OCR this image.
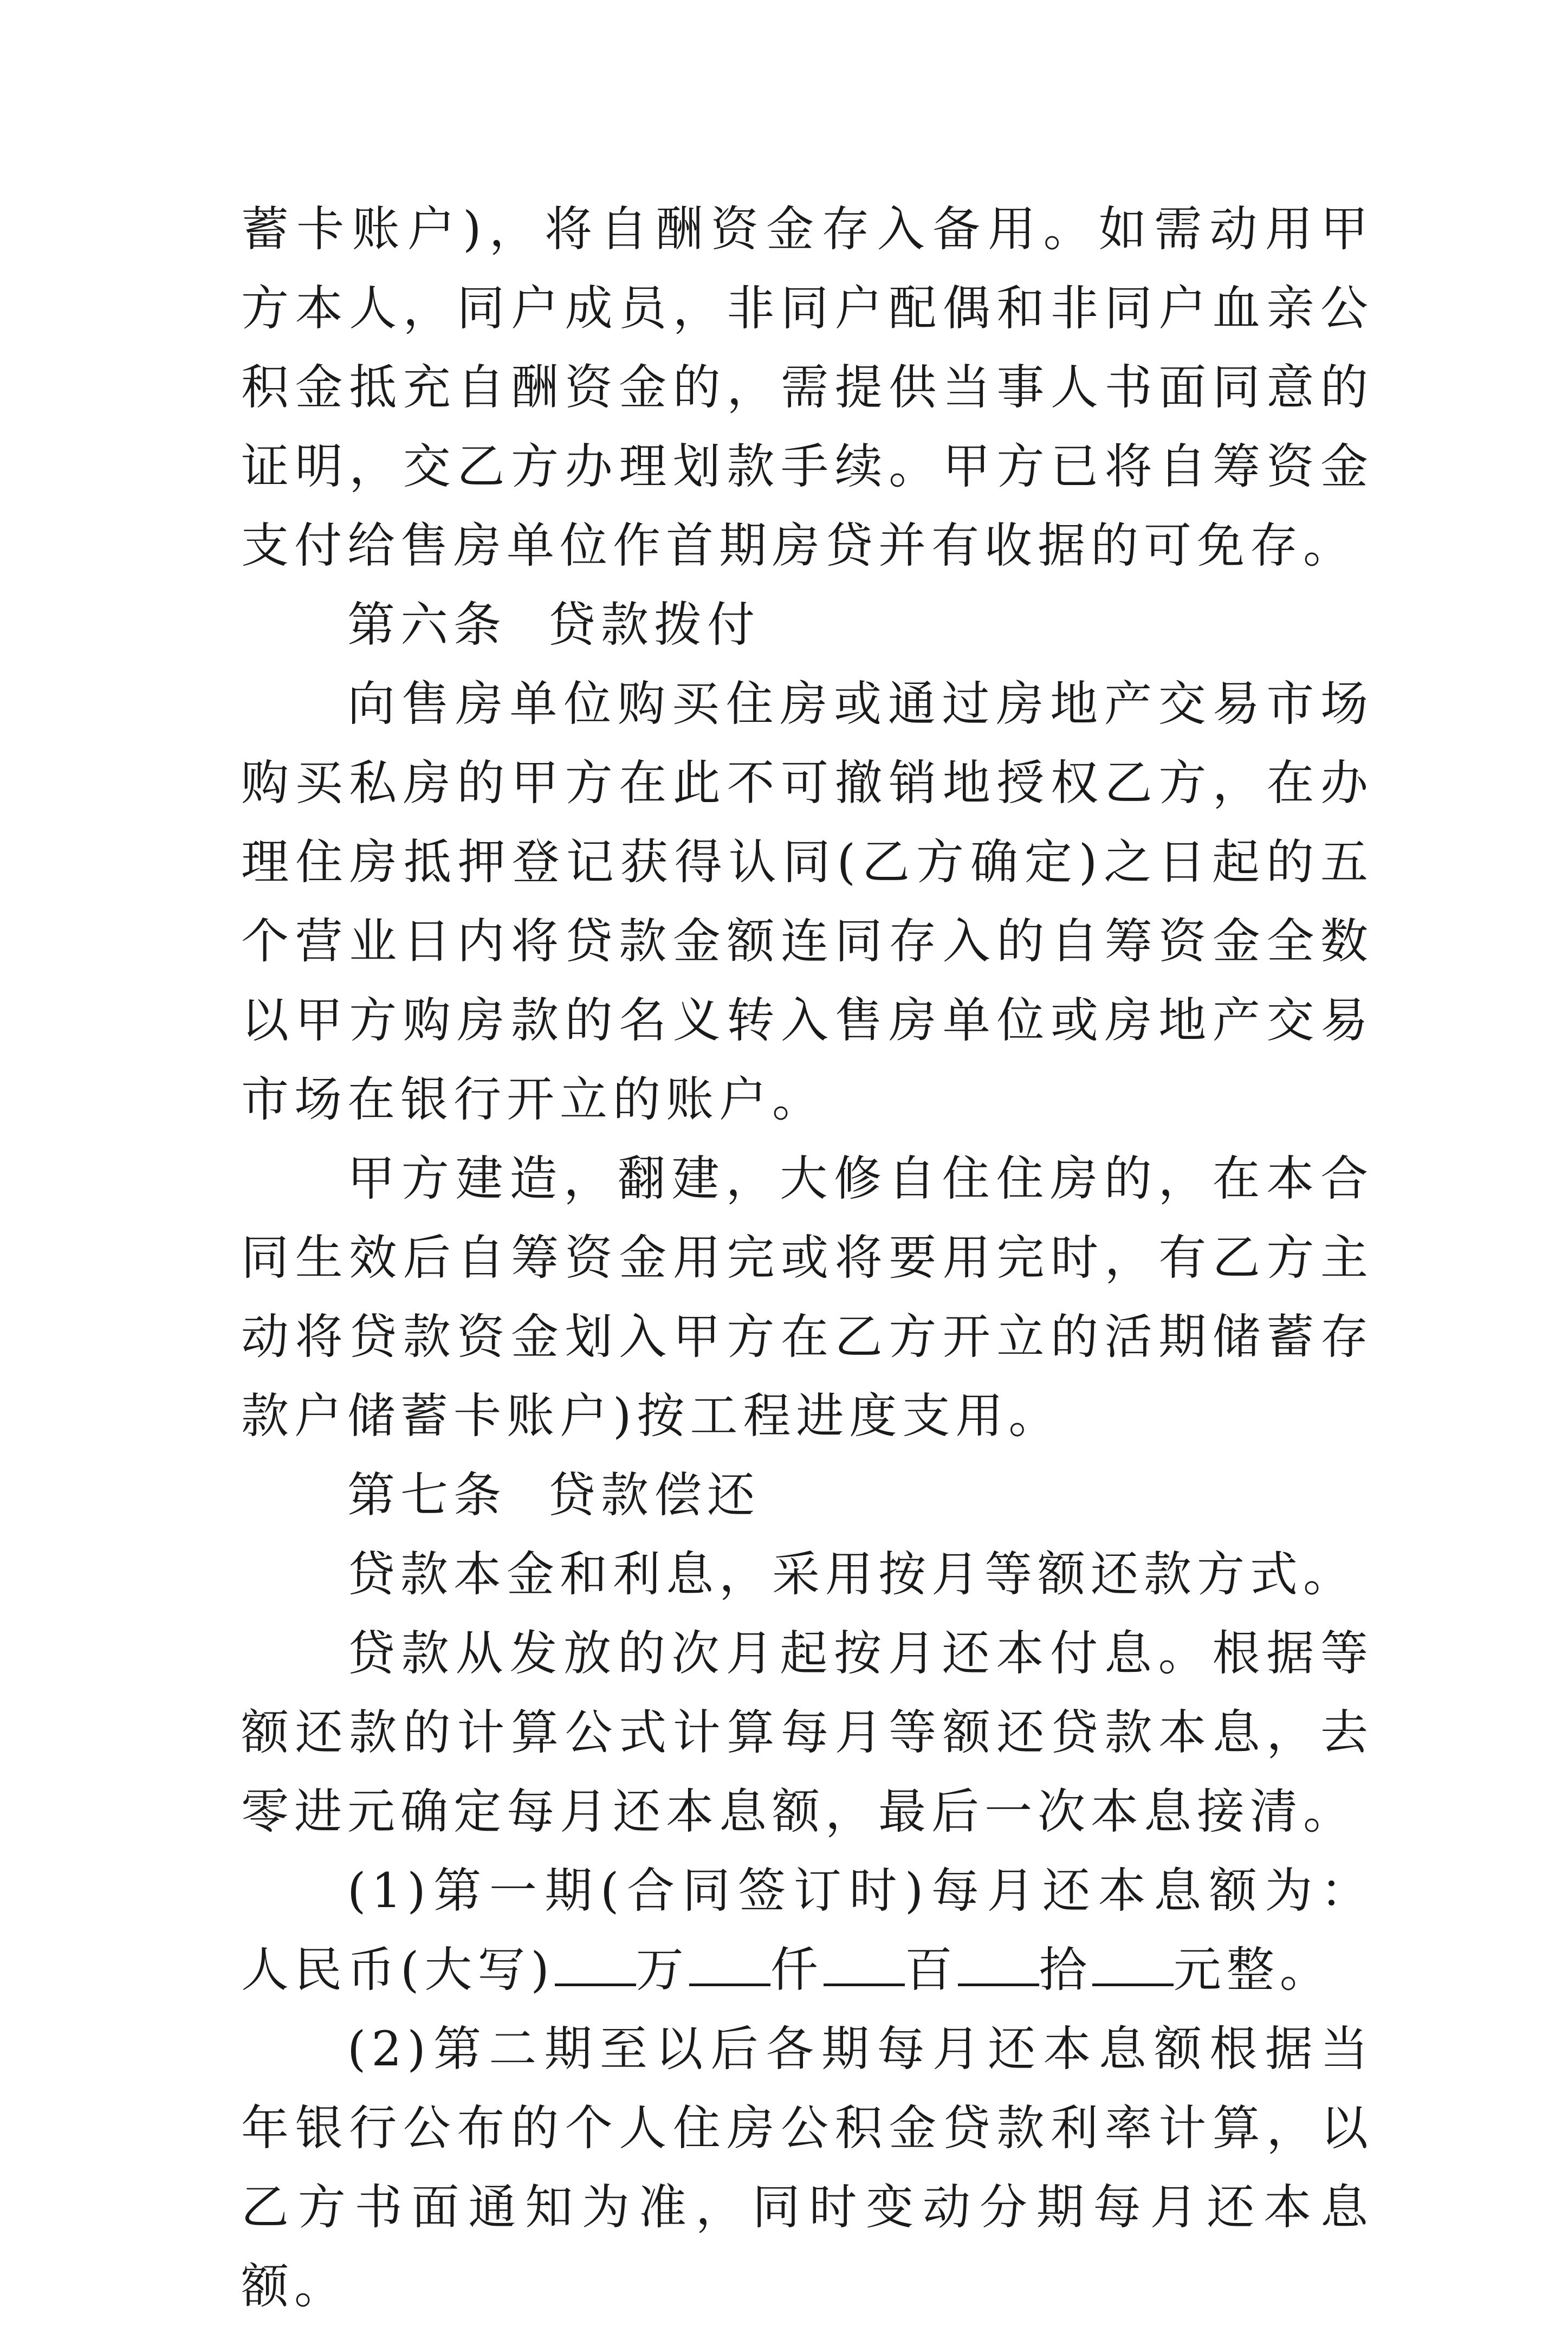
蓄卡账户)，将自酬资金存入备用。如需动用甲方本人，同户成员，非同户配偶和非同户血亲公积金抵充自酬资金的，需提供当事人书面同意的证明，交乙方办理划款手续。甲方已将自筹资金支付给售房单位作首期房贷并有收据的可免存。

第六条  贷款拨付

向售房单位购买住房或通过房地产交易市场购买私房的甲方在此不可撤销地授权乙方，在办理住房抵押登记获得认同(乙方确定)之日起的五个营业日内将贷款金额连同存入的自筹资金全数以甲方购房款的名义转入售房单位或房地产交易市场在银行开立的账户。

甲方建造，翻建，大修自住住房的，在本合同生效后自筹资金用完或将要用完时，有乙方主动将贷款资金划入甲方在乙方开立的活期储蓄存款户储蓄卡账户)按工程进度支用。

第七条  贷款偿还

贷款本金和利息，采用按月等额还款方式。

贷款从发放的次月起按月还本付息。根据等额还款的计算公式计算每月等额还贷款本息，去零进元确定每月还本息额，最后一次本息接清。

(1)第一期(合同签订时)每月还本息额为：人民币(大写) 万 仟 百 拾 元整。

(2)第二期至以后各期每月还本息额根据当年银行公布的个人住房公积金贷款利率计算，以乙方书面通知为准，同时变动分期每月还本息额。
